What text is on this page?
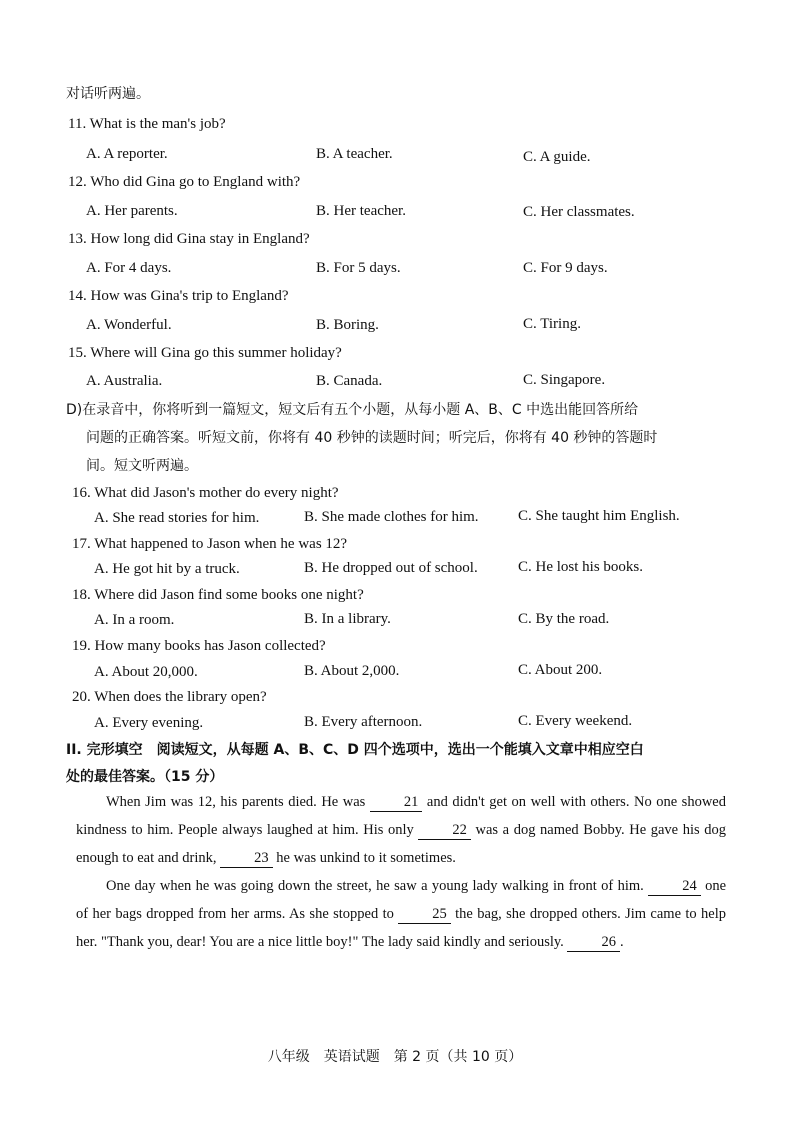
对话听两遍。
11. What is the man's job?
A. A reporter.	B. A teacher.	C. A guide.
12. Who did Gina go to England with?
A. Her parents.	B. Her teacher.	C. Her classmates.
13. How long did Gina stay in England?
A. For 4 days.	B. For 5 days.	C. For 9 days.
14. How was Gina's trip to England?
A. Wonderful.	B. Boring.	C. Tiring.
15. Where will Gina go this summer holiday?
A. Australia.	B. Canada.	C. Singapore.
D)在录音中，你将听到一篇短文，短文后有五个小题，从每小题 A、B、C 中选出能回答所给
问题的正确答案。听短文前，你将有 40 秒钟的读题时间；听完后，你将有 40 秒钟的答题时
间。短文听两遍。
16. What did Jason's mother do every night?
A. She read stories for him.	B. She made clothes for him.	C. She taught him English.
17. What happened to Jason when he was 12?
A. He got hit by a truck.	B. He dropped out of school.	C. He lost his books.
18. Where did Jason find some books one night?
A. In a room.	B. In a library.	C. By the road.
19. How many books has Jason collected?
A. About 20,000.	B. About 2,000.	C. About 200.
20. When does the library open?
A. Every evening.	B. Every afternoon.	C. Every weekend.
II. 完形填空　阅读短文，从每题 A、B、C、D 四个选项中，选出一个能填入文章中相应空白
处的最佳答案。（15 分）
When Jim was 12, his parents died. He was 21 and didn't get on well with others. No one showed kindness to him. People always laughed at him. His only 22 was a dog named Bobby. He gave his dog enough to eat and drink, 23 he was unkind to it sometimes.
One day when he was going down the street, he saw a young lady walking in front of him. 24 one of her bags dropped from her arms. As she stopped to 25 the bag, she dropped others. Jim came to help her. "Thank you, dear! You are a nice little boy!" The lady said kindly and seriously. 26 .
八年级　英语试题　第 2 页（共 10 页）
